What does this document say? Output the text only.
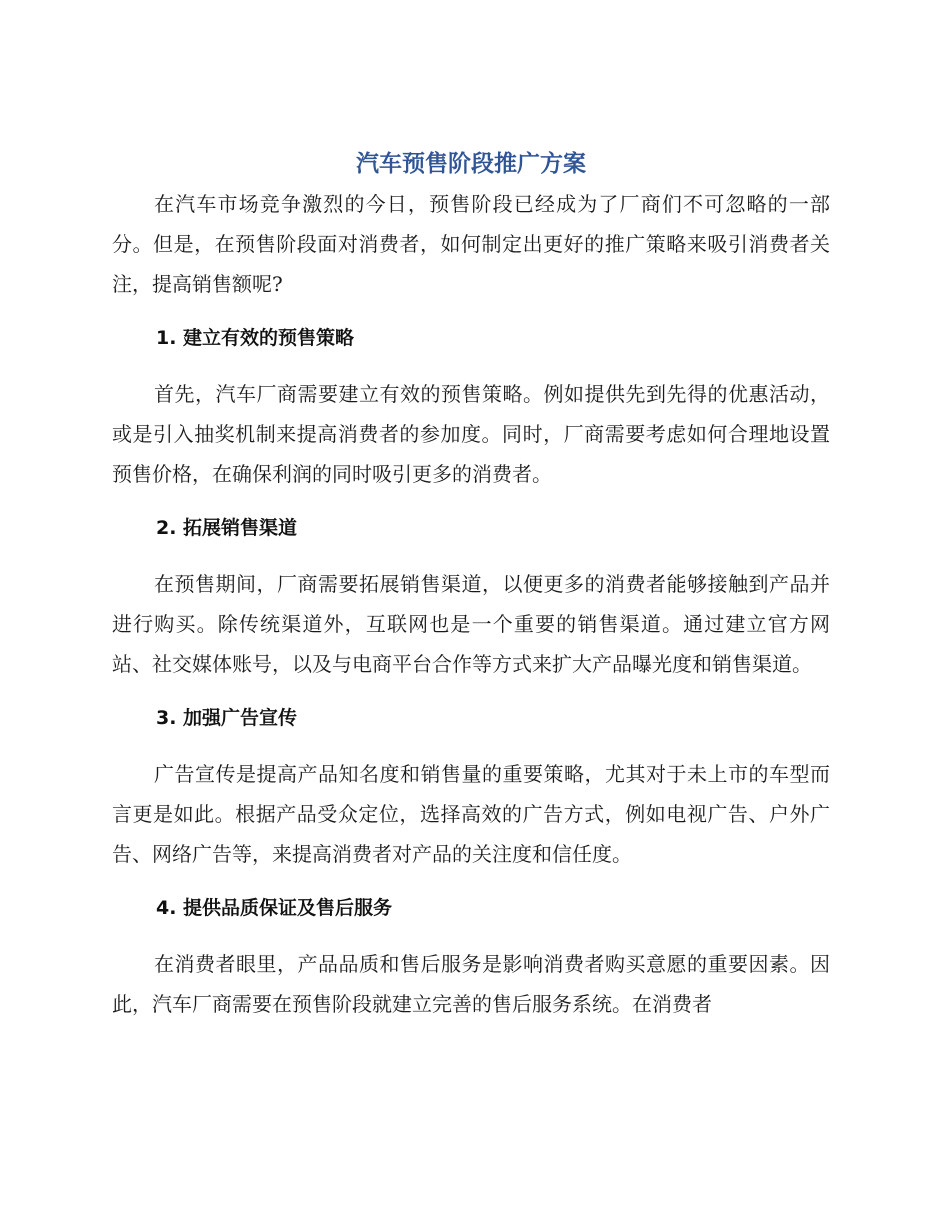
汽车预售阶段推广方案

在汽车市场竞争激烈的今日，预售阶段已经成为了厂商们不可忽略的一部分。但是，在预售阶段面对消费者，如何制定出更好的推广策略来吸引消费者关注，提高销售额呢?

1. 建立有效的预售策略

首先，汽车厂商需要建立有效的预售策略。例如提供先到先得的优惠活动，或是引入抽奖机制来提高消费者的参加度。同时，厂商需要考虑如何合理地设置预售价格，在确保利润的同时吸引更多的消费者。

2. 拓展销售渠道

在预售期间，厂商需要拓展销售渠道，以便更多的消费者能够接触到产品并进行购买。除传统渠道外，互联网也是一个重要的销售渠道。通过建立官方网站、社交媒体账号，以及与电商平台合作等方式来扩大产品曝光度和销售渠道。

3. 加强广告宣传

广告宣传是提高产品知名度和销售量的重要策略，尤其对于未上市的车型而言更是如此。根据产品受众定位，选择高效的广告方式，例如电视广告、户外广告、网络广告等，来提高消费者对产品的关注度和信任度。

4. 提供品质保证及售后服务

在消费者眼里，产品品质和售后服务是影响消费者购买意愿的重要因素。因此，汽车厂商需要在预售阶段就建立完善的售后服务系统。在消费者
